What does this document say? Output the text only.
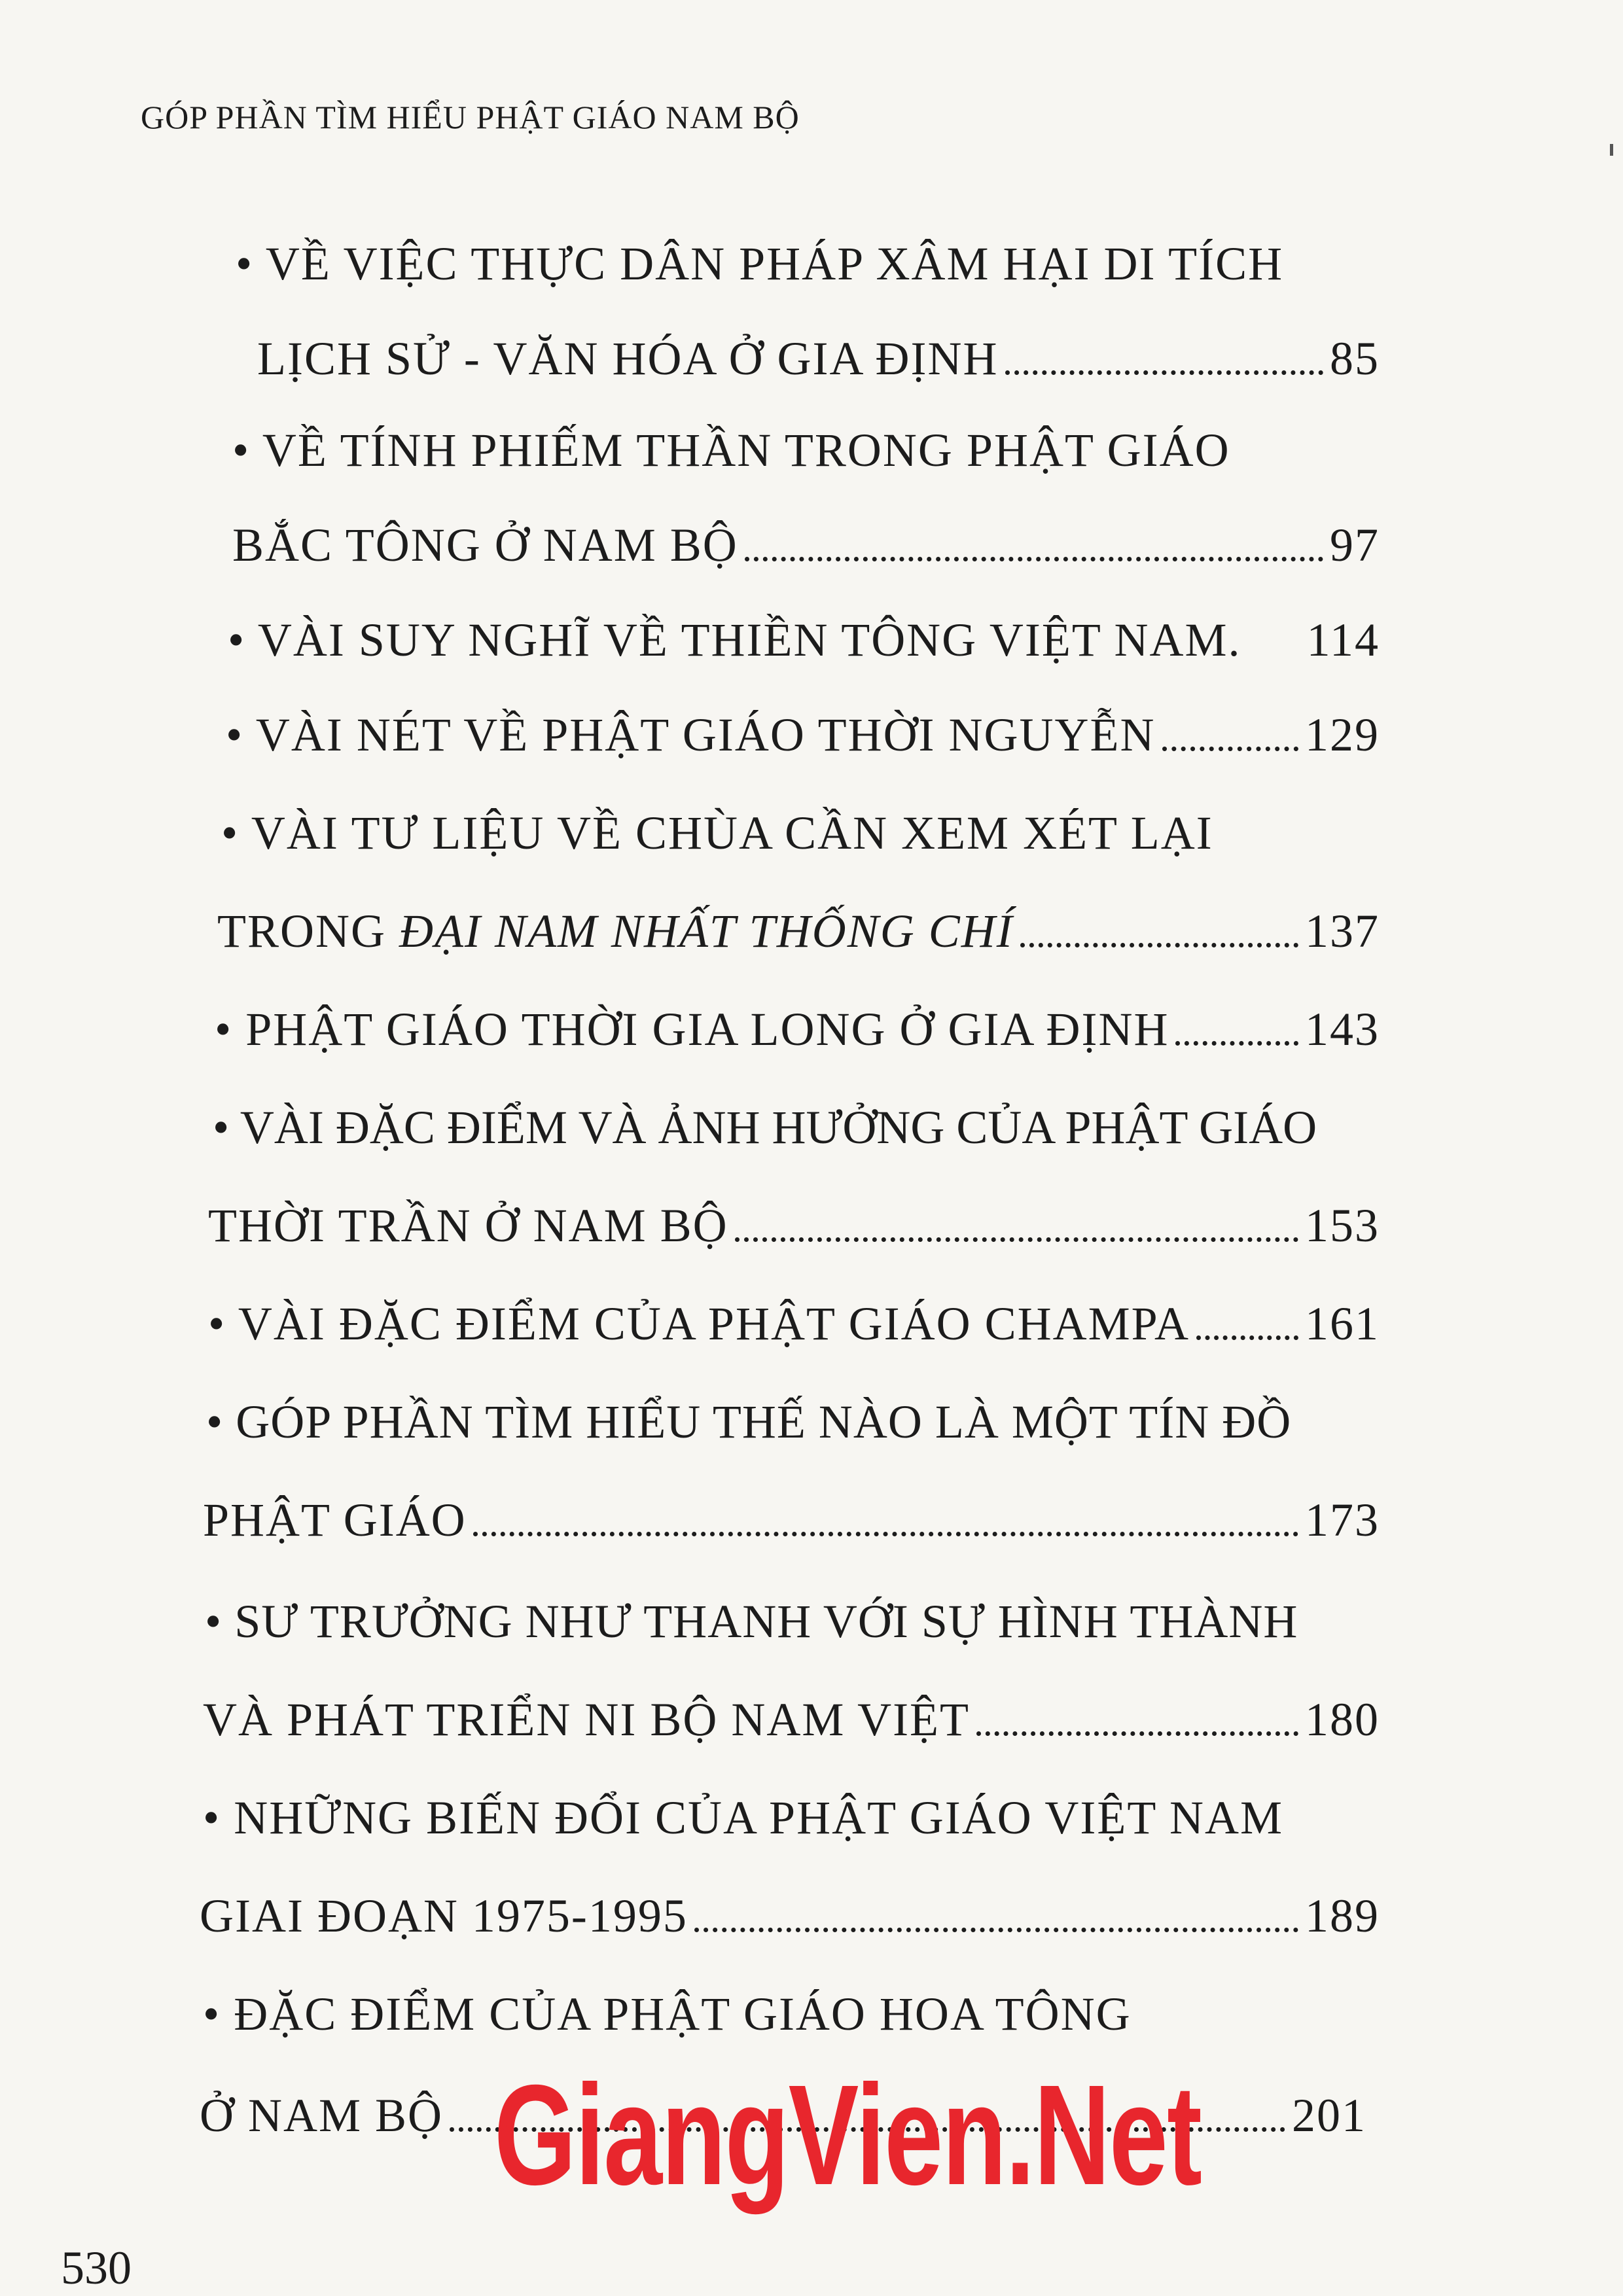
GÓP PHẦN TÌM HIỂU PHẬT GIÁO NAM BỘ
• VỀ VIỆC THỰC DÂN PHÁP XÂM HẠI DI TÍCH
LỊCH SỬ - VĂN HÓA Ở GIA ĐỊNH	85
• VỀ TÍNH PHIẾM THẦN TRONG PHẬT GIÁO
BẮC TÔNG Ở NAM BỘ	97
• VÀI SUY NGHĨ VỀ THIỀN TÔNG VIỆT NAM. 114
• VÀI NÉT VỀ PHẬT GIÁO THỜI NGUYỄN	129
• VÀI TƯ LIỆU VỀ CHÙA CẦN XEM XÉT LẠI
TRONG ĐẠI NAM NHẤT THỐNG CHÍ	137
• PHẬT GIÁO THỜI GIA LONG Ở GIA ĐỊNH	143
• VÀI ĐẶC ĐIỂM VÀ ẢNH HƯỞNG CỦA PHẬT GIÁO
THỜI TRẦN Ở NAM BỘ	153
• VÀI ĐẶC ĐIỂM CỦA PHẬT GIÁO CHAMPA 161
• GÓP PHẦN TÌM HIỂU THẾ NÀO LÀ MỘT TÍN ĐỒ
PHẬT GIÁO	173
• SƯ TRƯỞNG NHƯ THANH VỚI SỰ HÌNH THÀNH
VÀ PHÁT TRIỂN NI BỘ NAM VIỆT	180
• NHỮNG BIẾN ĐỔI CỦA PHẬT GIÁO VIỆT NAM
GIAI ĐOẠN 1975-1995	189
• ĐẶC ĐIỂM CỦA PHẬT GIÁO HOA TÔNG
Ở NAM BỘ	201
GiangVien.Net
530
